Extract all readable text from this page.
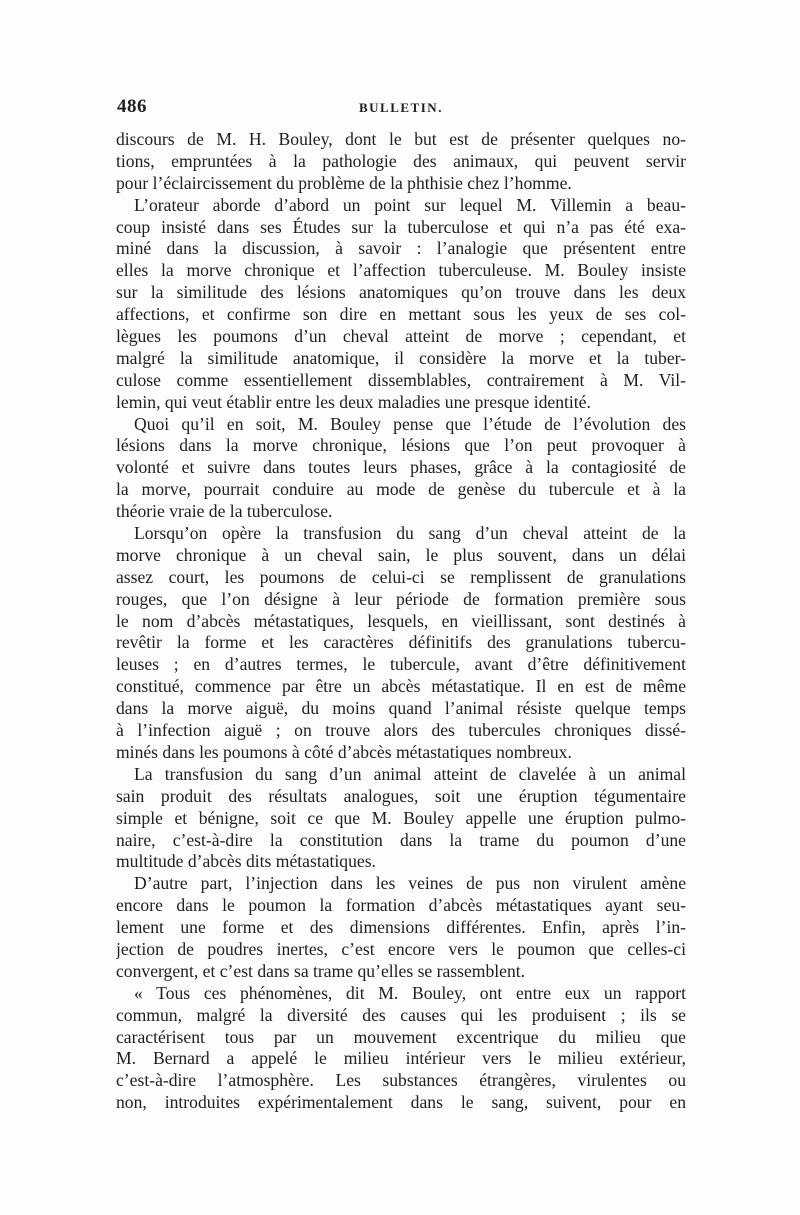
486	BULLETIN.
discours de M. H. Bouley, dont le but est de présenter quelques no-
tions, empruntées à la pathologie des animaux, qui peuvent servir
pour l’éclaircissement du problème de la phthisie chez l’homme.
L’orateur aborde d’abord un point sur lequel M. Villemin a beau-
coup insisté dans ses Études sur la tuberculose et qui n’a pas été exa-
miné dans la discussion, à savoir : l’analogie que présentent entre
elles la morve chronique et l’affection tuberculeuse. M. Bouley insiste
sur la similitude des lésions anatomiques qu’on trouve dans les deux
affections, et confirme son dire en mettant sous les yeux de ses col-
lègues les poumons d’un cheval atteint de morve ; cependant, et
malgré la similitude anatomique, il considère la morve et la tuber-
culose comme essentiellement dissemblables, contrairement à M. Vil-
lemin, qui veut établir entre les deux maladies une presque identité.
Quoi qu’il en soit, M. Bouley pense que l’étude de l’évolution des
lésions dans la morve chronique, lésions que l’on peut provoquer à
volonté et suivre dans toutes leurs phases, grâce à la contagiosité de
la morve, pourrait conduire au mode de genèse du tubercule et à la
théorie vraie de la tuberculose.
Lorsqu’on opère la transfusion du sang d’un cheval atteint de la
morve chronique à un cheval sain, le plus souvent, dans un délai
assez court, les poumons de celui-ci se remplissent de granulations
rouges, que l’on désigne à leur période de formation première sous
le nom d’abcès métastatiques, lesquels, en vieillissant, sont destinés à
revêtir la forme et les caractères définitifs des granulations tubercu-
leuses ; en d’autres termes, le tubercule, avant d’être définitivement
constitué, commence par être un abcès métastatique. Il en est de même
dans la morve aiguë, du moins quand l’animal résiste quelque temps
à l’infection aiguë ; on trouve alors des tubercules chroniques dissé-
minés dans les poumons à côté d’abcès métastatiques nombreux.
La transfusion du sang d’un animal atteint de clavelée à un animal
sain produit des résultats analogues, soit une éruption tégumentaire
simple et bénigne, soit ce que M. Bouley appelle une éruption pulmo-
naire, c’est-à-dire la constitution dans la trame du poumon d’une
multitude d’abcès dits métastatiques.
D’autre part, l’injection dans les veines de pus non virulent amène
encore dans le poumon la formation d’abcès métastatiques ayant seu-
lement une forme et des dimensions différentes. Enfin, après l’in-
jection de poudres inertes, c’est encore vers le poumon que celles-ci
convergent, et c’est dans sa trame qu’elles se rassemblent.
« Tous ces phénomènes, dit M. Bouley, ont entre eux un rapport
commun, malgré la diversité des causes qui les produisent ; ils se
caractérisent tous par un mouvement excentrique du milieu que
M. Bernard a appelé le milieu intérieur vers le milieu extérieur,
c’est-à-dire l’atmosphère. Les substances étrangères, virulentes ou
non, introduites expérimentalement dans le sang, suivent, pour en
